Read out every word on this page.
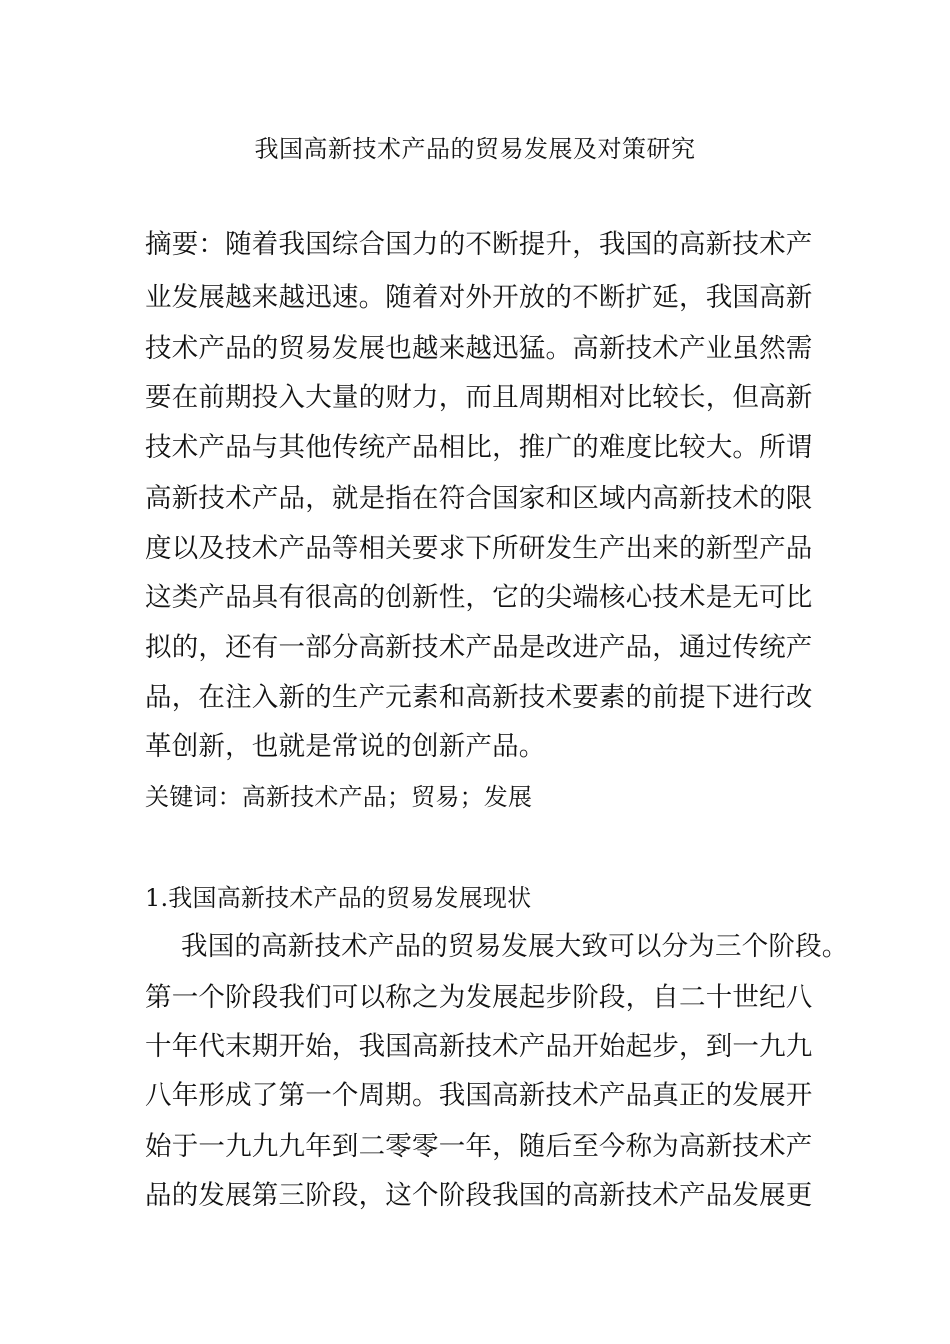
我国高新技术产品的贸易发展及对策研究
摘要：随着我国综合国力的不断提升，我国的高新技术产
业发展越来越迅速。随着对外开放的不断扩延，我国高新
技术产品的贸易发展也越来越迅猛。高新技术产业虽然需
要在前期投入大量的财力，而且周期相对比较长，但高新
技术产品与其他传统产品相比，推广的难度比较大。所谓
高新技术产品，就是指在符合国家和区域内高新技术的限
度以及技术产品等相关要求下所研发生产出来的新型产品
这类产品具有很高的创新性，它的尖端核心技术是无可比
拟的，还有一部分高新技术产品是改进产品，通过传统产
品，在注入新的生产元素和高新技术要素的前提下进行改
革创新，也就是常说的创新产品。
关键词：高新技术产品；贸易；发展
1.我国高新技术产品的贸易发展现状
我国的高新技术产品的贸易发展大致可以分为三个阶段。
第一个阶段我们可以称之为发展起步阶段，自二十世纪八
十年代末期开始，我国高新技术产品开始起步，到一九九
八年形成了第一个周期。我国高新技术产品真正的发展开
始于一九九九年到二零零一年，随后至今称为高新技术产
品的发展第三阶段，这个阶段我国的高新技术产品发展更
